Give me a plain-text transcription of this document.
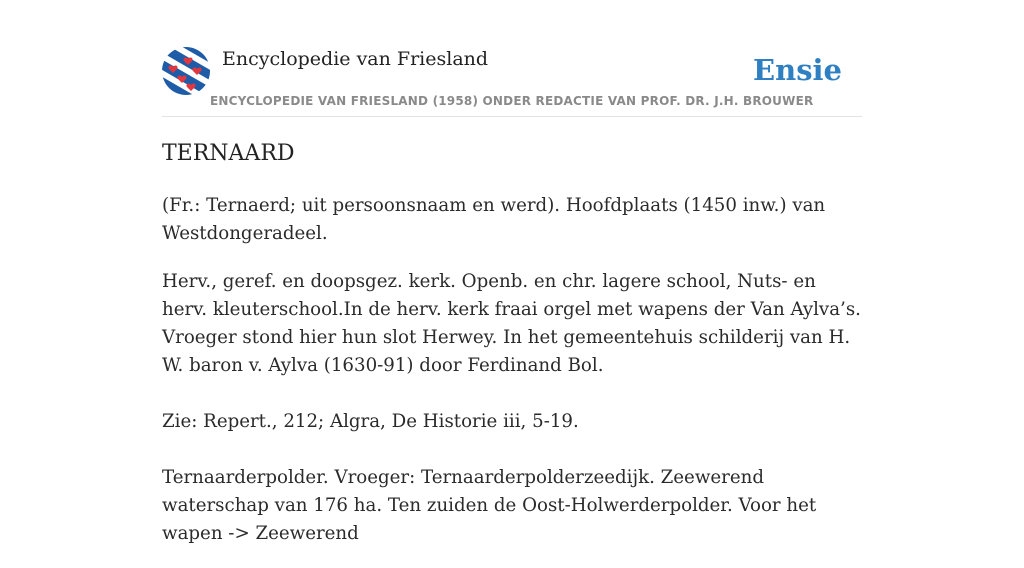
Encyclopedie van Friesland	Ensie
ENCYCLOPEDIE VAN FRIESLAND (1958) ONDER REDACTIE VAN PROF. DR. J.H. BROUWER
TERNAARD

(Fr.: Ternaerd; uit persoonsnaam en werd). Hoofdplaats (1450 inw.) van Westdongeradeel.

Herv., geref. en doopsgez. kerk. Openb. en chr. lagere school, Nuts- en herv. kleuterschool.In de herv. kerk fraai orgel met wapens der Van Aylva’s. Vroeger stond hier hun slot Herwey. In het gemeentehuis schilderij van H. W. baron v. Aylva (1630-91) door Ferdinand Bol.

Zie: Repert., 212; Algra, De Historie iii, 5-19.

Ternaarderpolder. Vroeger: Ternaarderpolderzeedijk. Zeewerend waterschap van 176 ha. Ten zuiden de Oost-Holwerderpolder. Voor het wapen -> Zeewerend
